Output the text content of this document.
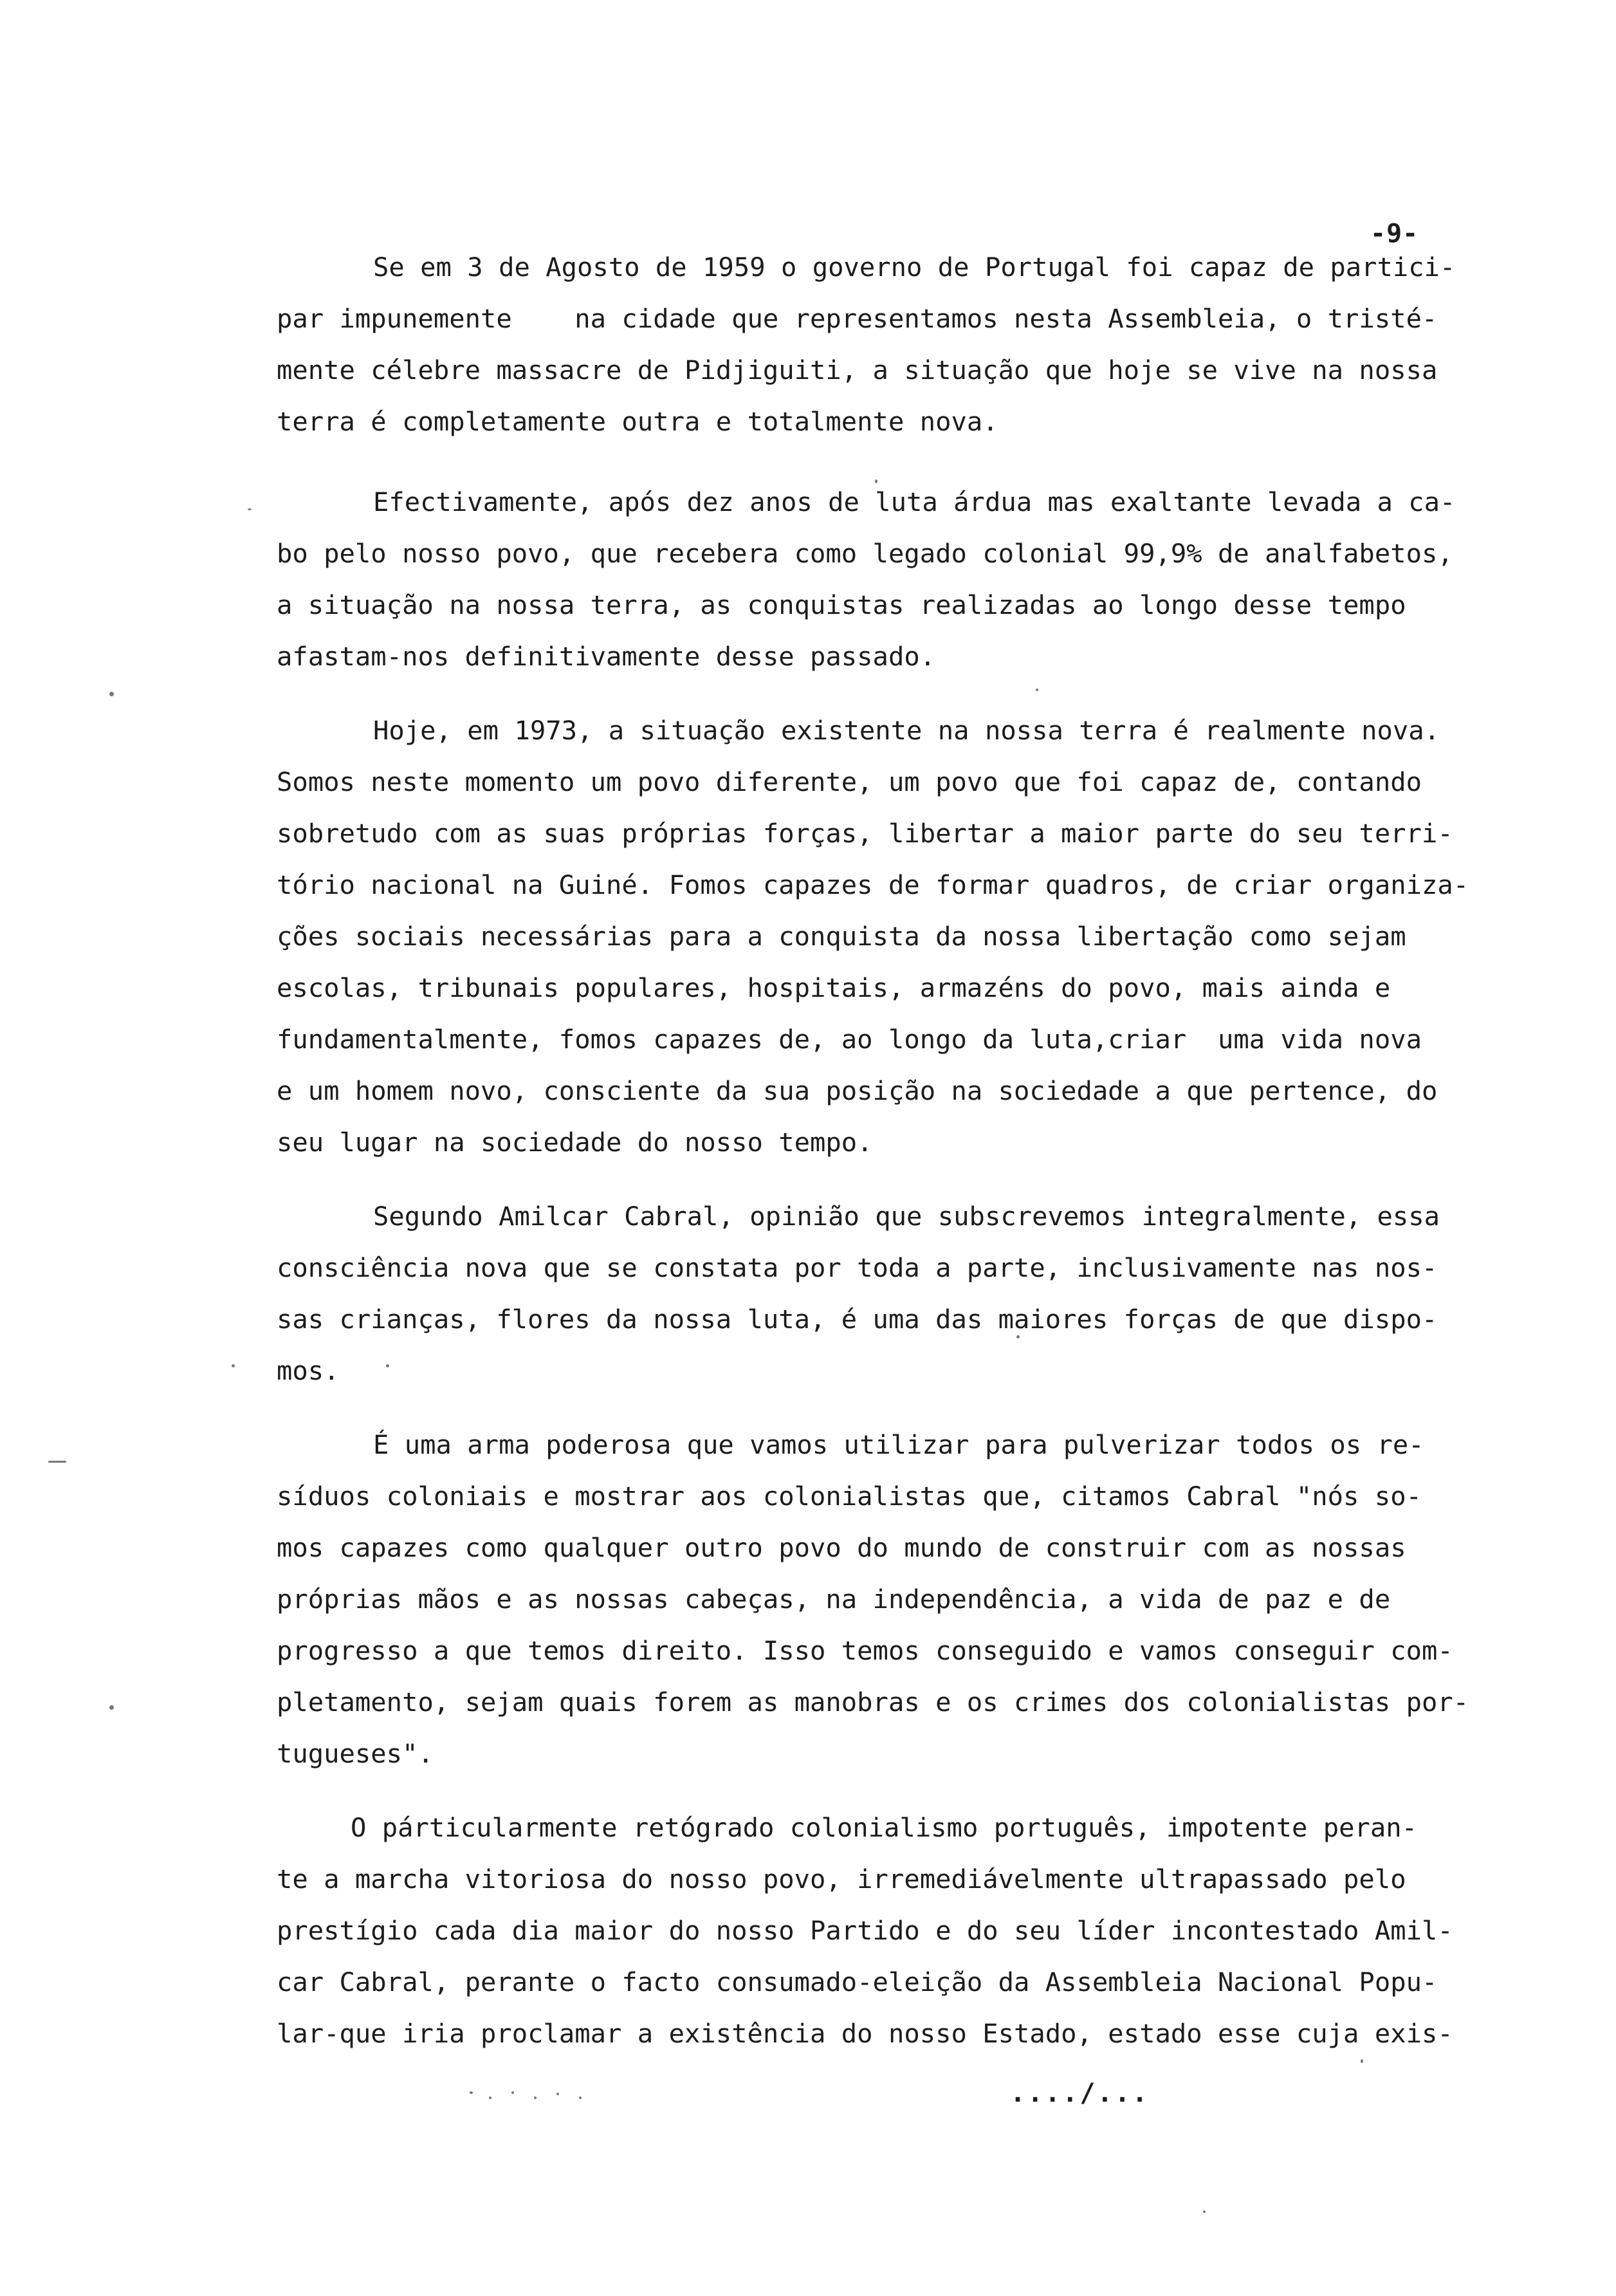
-9-
Se em 3 de Agosto de 1959 o governo de Portugal foi capaz de partici-
par impunemente    na cidade que representamos nesta Assembleia, o tristé-
mente célebre massacre de Pidjiguiti, a situação que hoje se vive na nossa
terra é completamente outra e totalmente nova.
Efectivamente, após dez anos de luta árdua mas exaltante levada a ca-
bo pelo nosso povo, que recebera como legado colonial 99,9% de analfabetos,
a situação na nossa terra, as conquistas realizadas ao longo desse tempo
afastam-nos definitivamente desse passado.
Hoje, em 1973, a situação existente na nossa terra é realmente nova.
Somos neste momento um povo diferente, um povo que foi capaz de, contando
sobretudo com as suas próprias forças, libertar a maior parte do seu terri-
tório nacional na Guiné. Fomos capazes de formar quadros, de criar organiza-
ções sociais necessárias para a conquista da nossa libertação como sejam
escolas, tribunais populares, hospitais, armazéns do povo, mais ainda e
fundamentalmente, fomos capazes de, ao longo da luta,criar  uma vida nova
e um homem novo, consciente da sua posição na sociedade a que pertence, do
seu lugar na sociedade do nosso tempo.
Segundo Amilcar Cabral, opinião que subscrevemos integralmente, essa
consciência nova que se constata por toda a parte, inclusivamente nas nos-
sas crianças, flores da nossa luta, é uma das maiores forças de que dispo-
mos.
É uma arma poderosa que vamos utilizar para pulverizar todos os re-
síduos coloniais e mostrar aos colonialistas que, citamos Cabral "nós so-
mos capazes como qualquer outro povo do mundo de construir com as nossas
próprias mãos e as nossas cabeças, na independência, a vida de paz e de
progresso a que temos direito. Isso temos conseguido e vamos conseguir com-
pletamento, sejam quais forem as manobras e os crimes dos colonialistas por-
tugueses".
O párticularmente retógrado colonialismo português, impotente peran-
te a marcha vitoriosa do nosso povo, irremediávelmente ultrapassado pelo
prestígio cada dia maior do nosso Partido e do seu líder incontestado Amil-
car Cabral, perante o facto consumado-eleição da Assembleia Nacional Popu-
lar-que iria proclamar a existência do nosso Estado, estado esse cuja exis-
..../...
